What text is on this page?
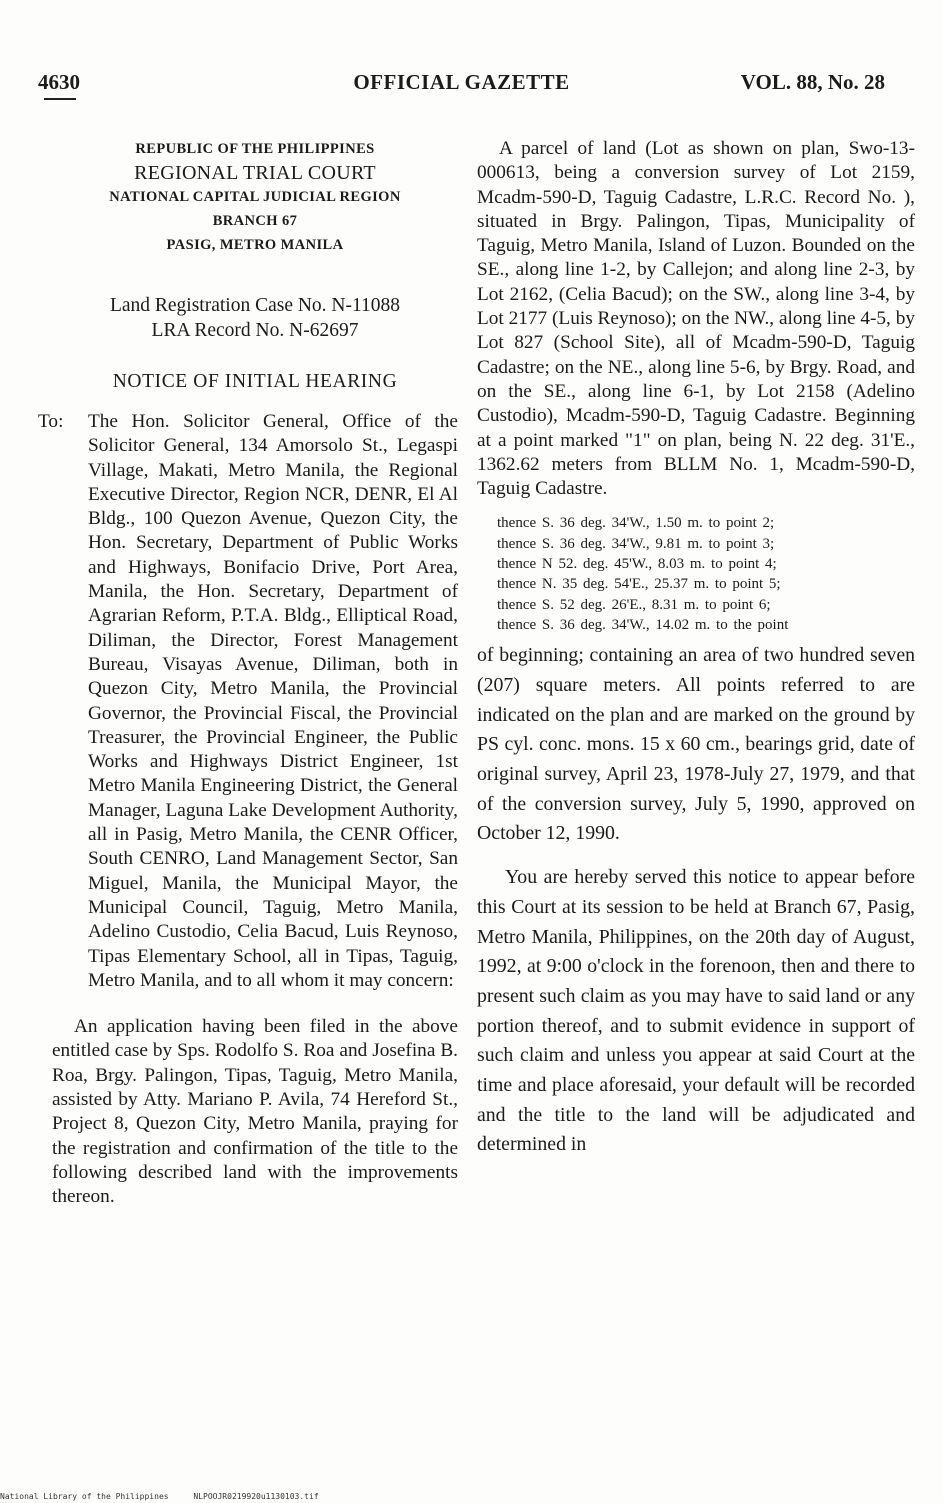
4630	OFFICIAL GAZETTE	VOL. 88, No. 28
REPUBLIC OF THE PHILIPPINES
REGIONAL TRIAL COURT
NATIONAL CAPITAL JUDICIAL REGION
BRANCH 67
PASIG, METRO MANILA
Land Registration Case No. N-11088
LRA Record No. N-62697
NOTICE OF INITIAL HEARING
To: The Hon. Solicitor General, Office of the Solicitor General, 134 Amorsolo St., Legaspi Village, Makati, Metro Manila, the Regional Executive Director, Region NCR, DENR, El Al Bldg., 100 Quezon Avenue, Quezon City, the Hon. Secretary, Department of Public Works and Highways, Bonifacio Drive, Port Area, Manila, the Hon. Secretary, Department of Agrarian Reform, P.T.A. Bldg., Elliptical Road, Diliman, the Director, Forest Management Bureau, Visayas Avenue, Diliman, both in Quezon City, Metro Manila, the Provincial Governor, the Provincial Fiscal, the Provincial Treasurer, the Provincial Engineer, the Public Works and Highways District Engineer, 1st Metro Manila Engineering District, the General Manager, Laguna Lake Development Authority, all in Pasig, Metro Manila, the CENR Officer, South CENRO, Land Management Sector, San Miguel, Manila, the Municipal Mayor, the Municipal Council, Taguig, Metro Manila, Adelino Custodio, Celia Bacud, Luis Reynoso, Tipas Elementary School, all in Tipas, Taguig, Metro Manila, and to all whom it may concern:
An application having been filed in the above entitled case by Sps. Rodolfo S. Roa and Josefina B. Roa, Brgy. Palingon, Tipas, Taguig, Metro Manila, assisted by Atty. Mariano P. Avila, 74 Hereford St., Project 8, Quezon City, Metro Manila, praying for the registration and confirmation of the title to the following described land with the improvements thereon.
A parcel of land (Lot as shown on plan, Swo-13-000613, being a conversion survey of Lot 2159, Mcadm-590-D, Taguig Cadastre, L.R.C. Record No. ), situated in Brgy. Palingon, Tipas, Municipality of Taguig, Metro Manila, Island of Luzon. Bounded on the SE., along line 1-2, by Callejon; and along line 2-3, by Lot 2162, (Celia Bacud); on the SW., along line 3-4, by Lot 2177 (Luis Reynoso); on the NW., along line 4-5, by Lot 827 (School Site), all of Mcadm-590-D, Taguig Cadastre; on the NE., along line 5-6, by Brgy. Road, and on the SE., along line 6-1, by Lot 2158 (Adelino Custodio), Mcadm-590-D, Taguig Cadastre. Beginning at a point marked "1" on plan, being N. 22 deg. 31'E., 1362.62 meters from BLLM No. 1, Mcadm-590-D, Taguig Cadastre.
thence S. 36 deg. 34'W., 1.50 m. to point 2;
thence S. 36 deg. 34'W., 9.81 m. to point 3;
thence N 52. deg. 45'W., 8.03 m. to point 4;
thence N. 35 deg. 54'E., 25.37 m. to point 5;
thence S. 52 deg. 26'E., 8.31 m. to point 6;
thence S. 36 deg. 34'W., 14.02 m. to the point
of beginning; containing an area of two hundred seven (207) square meters. All points referred to are indicated on the plan and are marked on the ground by PS cyl. conc. mons. 15 x 60 cm., bearings grid, date of original survey, April 23, 1978-July 27, 1979, and that of the conversion survey, July 5, 1990, approved on October 12, 1990.
You are hereby served this notice to appear before this Court at its session to be held at Branch 67, Pasig, Metro Manila, Philippines, on the 20th day of August, 1992, at 9:00 o'clock in the forenoon, then and there to present such claim as you may have to said land or any portion thereof, and to submit evidence in support of such claim and unless you appear at said Court at the time and place aforesaid, your default will be recorded and the title to the land will be adjudicated and determined in
National Library of the Philippines	NLPOOJR0219920u1130103.tif
